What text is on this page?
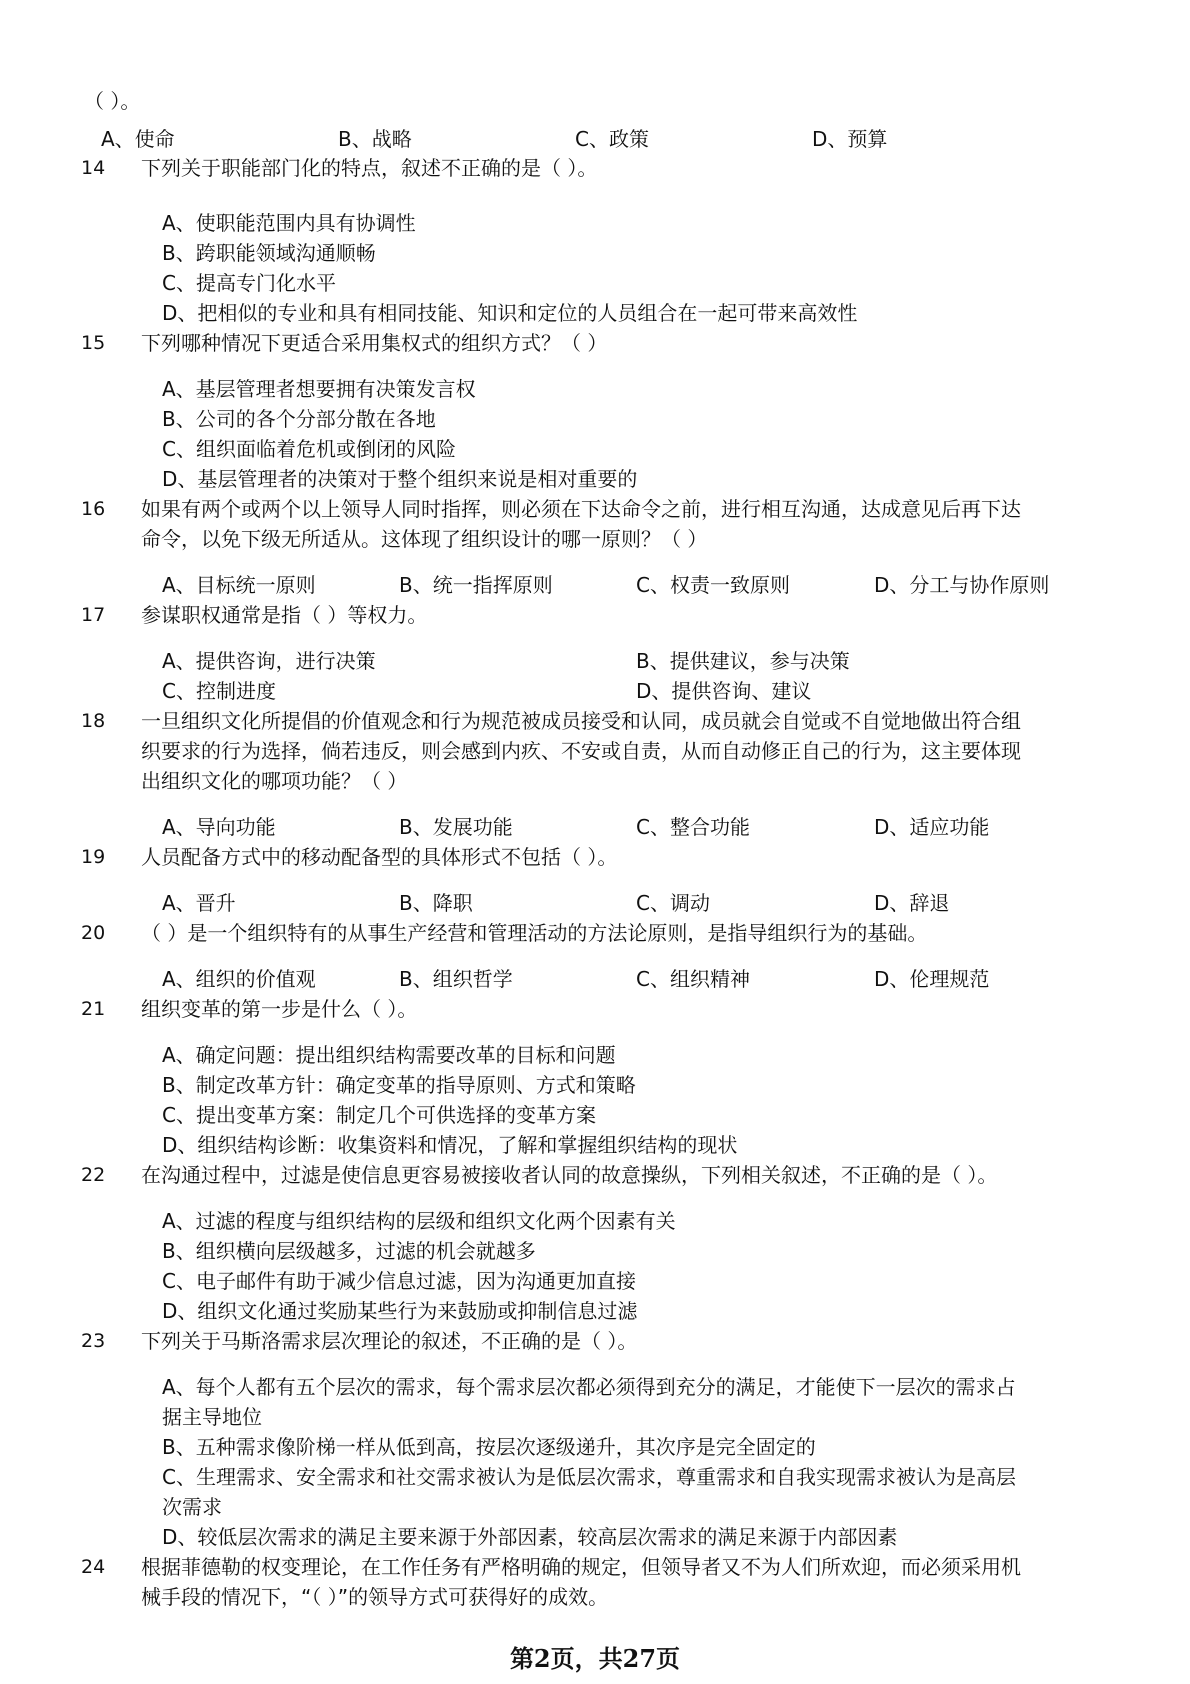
（ ）。
A、使命	B、战略	C、政策	D、预算
14	下列关于职能部门化的特点，叙述不正确的是（ ）。
A、使职能范围内具有协调性
B、跨职能领域沟通顺畅
C、提高专门化水平
D、把相似的专业和具有相同技能、知识和定位的人员组合在一起可带来高效性
15	下列哪种情况下更适合采用集权式的组织方式？（ ）
A、基层管理者想要拥有决策发言权
B、公司的各个分部分散在各地
C、组织面临着危机或倒闭的风险
D、基层管理者的决策对于整个组织来说是相对重要的
16	如果有两个或两个以上领导人同时指挥，则必须在下达命令之前，进行相互沟通，达成意见后再下达
命令，以免下级无所适从。这体现了组织设计的哪一原则？（ ）
A、目标统一原则	B、统一指挥原则	C、权责一致原则	D、分工与协作原则
17	参谋职权通常是指（ ）等权力。
A、提供咨询，进行决策	B、提供建议，参与决策
C、控制进度	D、提供咨询、建议
18	一旦组织文化所提倡的价值观念和行为规范被成员接受和认同，成员就会自觉或不自觉地做出符合组
织要求的行为选择，倘若违反，则会感到内疚、不安或自责，从而自动修正自己的行为，这主要体现
出组织文化的哪项功能？（ ）
A、导向功能	B、发展功能	C、整合功能	D、适应功能
19	人员配备方式中的移动配备型的具体形式不包括（ ）。
A、晋升	B、降职	C、调动	D、辞退
20	（ ）是一个组织特有的从事生产经营和管理活动的方法论原则，是指导组织行为的基础。
A、组织的价值观	B、组织哲学	C、组织精神	D、伦理规范
21	组织变革的第一步是什么（ ）。
A、确定问题：提出组织结构需要改革的目标和问题
B、制定改革方针：确定变革的指导原则、方式和策略
C、提出变革方案：制定几个可供选择的变革方案
D、组织结构诊断：收集资料和情况，了解和掌握组织结构的现状
22	在沟通过程中，过滤是使信息更容易被接收者认同的故意操纵，下列相关叙述，不正确的是（ ）。
A、过滤的程度与组织结构的层级和组织文化两个因素有关
B、组织横向层级越多，过滤的机会就越多
C、电子邮件有助于减少信息过滤，因为沟通更加直接
D、组织文化通过奖励某些行为来鼓励或抑制信息过滤
23	下列关于马斯洛需求层次理论的叙述，不正确的是（ ）。
A、每个人都有五个层次的需求，每个需求层次都必须得到充分的满足，才能使下一层次的需求占
据主导地位
B、五种需求像阶梯一样从低到高，按层次逐级递升，其次序是完全固定的
C、生理需求、安全需求和社交需求被认为是低层次需求，尊重需求和自我实现需求被认为是高层
次需求
D、较低层次需求的满足主要来源于外部因素，较高层次需求的满足来源于内部因素
24	根据菲德勒的权变理论，在工作任务有严格明确的规定，但领导者又不为人们所欢迎，而必须采用机
械手段的情况下，“（ ）”的领导方式可获得好的成效。
第2页，共27页
